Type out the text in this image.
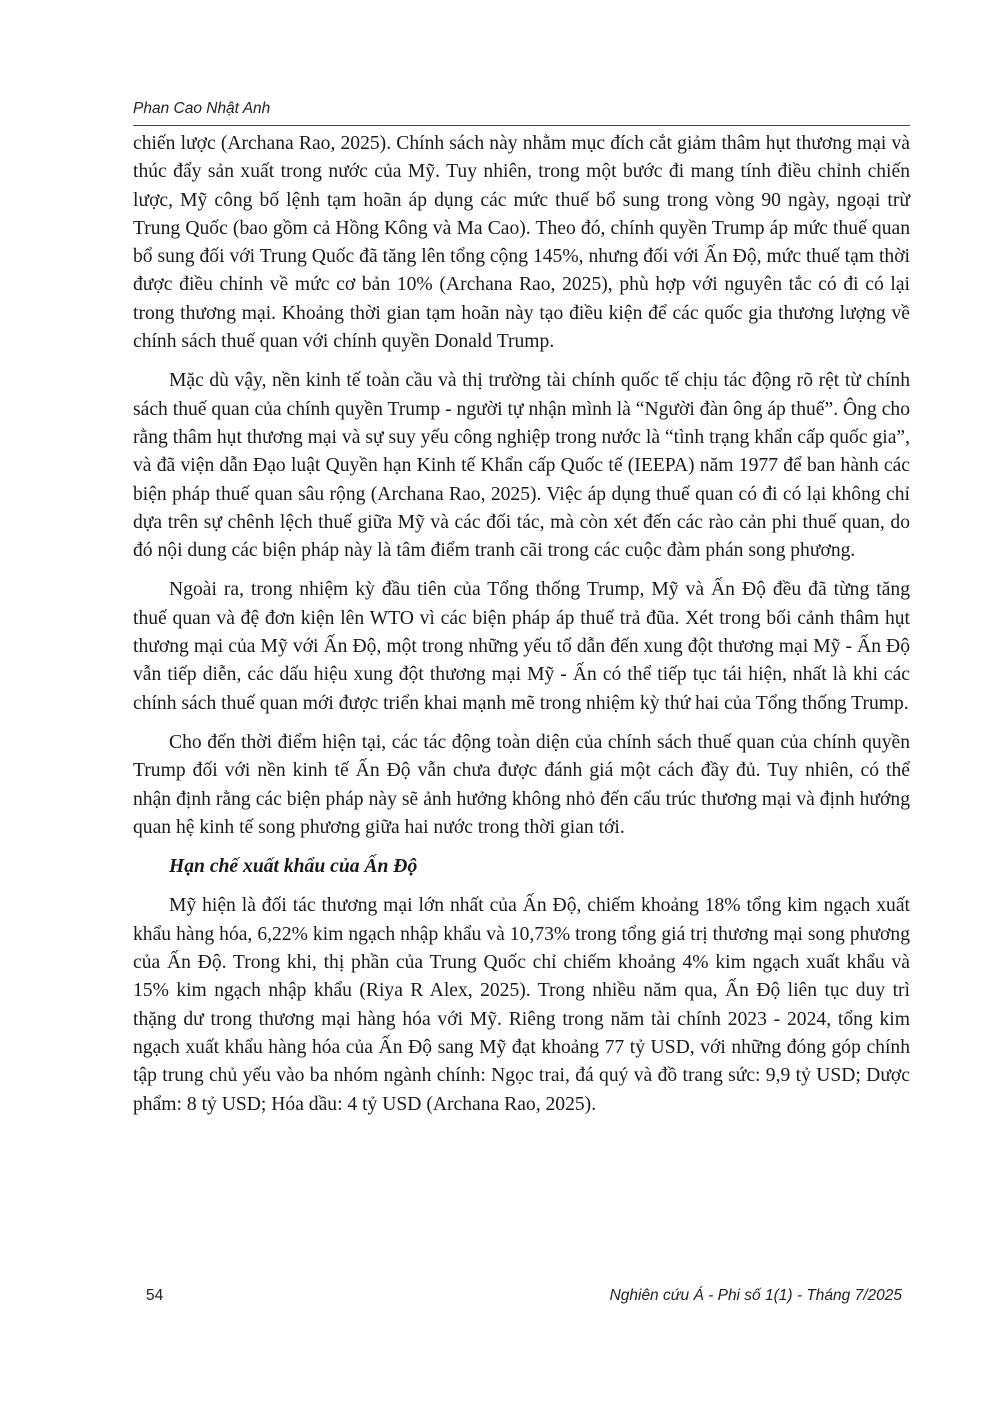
Phan Cao Nhật Anh

chiến lược (Archana Rao, 2025). Chính sách này nhằm mục đích cắt giảm thâm hụt thương mại và thúc đẩy sản xuất trong nước của Mỹ. Tuy nhiên, trong một bước đi mang tính điều chỉnh chiến lược, Mỹ công bố lệnh tạm hoãn áp dụng các mức thuế bổ sung trong vòng 90 ngày, ngoại trừ Trung Quốc (bao gồm cả Hồng Kông và Ma Cao). Theo đó, chính quyền Trump áp mức thuế quan bổ sung đối với Trung Quốc đã tăng lên tổng cộng 145%, nhưng đối với Ấn Độ, mức thuế tạm thời được điều chỉnh về mức cơ bản 10% (Archana Rao, 2025), phù hợp với nguyên tắc có đi có lại trong thương mại. Khoảng thời gian tạm hoãn này tạo điều kiện để các quốc gia thương lượng về chính sách thuế quan với chính quyền Donald Trump.

Mặc dù vậy, nền kinh tế toàn cầu và thị trường tài chính quốc tế chịu tác động rõ rệt từ chính sách thuế quan của chính quyền Trump - người tự nhận mình là “Người đàn ông áp thuế”. Ông cho rằng thâm hụt thương mại và sự suy yếu công nghiệp trong nước là “tình trạng khẩn cấp quốc gia”, và đã viện dẫn Đạo luật Quyền hạn Kinh tế Khẩn cấp Quốc tế (IEEPA) năm 1977 để ban hành các biện pháp thuế quan sâu rộng (Archana Rao, 2025). Việc áp dụng thuế quan có đi có lại không chỉ dựa trên sự chênh lệch thuế giữa Mỹ và các đối tác, mà còn xét đến các rào cản phi thuế quan, do đó nội dung các biện pháp này là tâm điểm tranh cãi trong các cuộc đàm phán song phương.

Ngoài ra, trong nhiệm kỳ đầu tiên của Tổng thống Trump, Mỹ và Ấn Độ đều đã từng tăng thuế quan và đệ đơn kiện lên WTO vì các biện pháp áp thuế trả đũa. Xét trong bối cảnh thâm hụt thương mại của Mỹ với Ấn Độ, một trong những yếu tố dẫn đến xung đột thương mại Mỹ - Ấn Độ vẫn tiếp diễn, các dấu hiệu xung đột thương mại Mỹ - Ấn có thể tiếp tục tái hiện, nhất là khi các chính sách thuế quan mới được triển khai mạnh mẽ trong nhiệm kỳ thứ hai của Tổng thống Trump.

Cho đến thời điểm hiện tại, các tác động toàn diện của chính sách thuế quan của chính quyền Trump đối với nền kinh tế Ấn Độ vẫn chưa được đánh giá một cách đầy đủ. Tuy nhiên, có thể nhận định rằng các biện pháp này sẽ ảnh hưởng không nhỏ đến cấu trúc thương mại và định hướng quan hệ kinh tế song phương giữa hai nước trong thời gian tới.

Hạn chế xuất khẩu của Ấn Độ

Mỹ hiện là đối tác thương mại lớn nhất của Ấn Độ, chiếm khoảng 18% tổng kim ngạch xuất khẩu hàng hóa, 6,22% kim ngạch nhập khẩu và 10,73% trong tổng giá trị thương mại song phương của Ấn Độ. Trong khi, thị phần của Trung Quốc chỉ chiếm khoảng 4% kim ngạch xuất khẩu và 15% kim ngạch nhập khẩu (Riya R Alex, 2025). Trong nhiều năm qua, Ấn Độ liên tục duy trì thặng dư trong thương mại hàng hóa với Mỹ. Riêng trong năm tài chính 2023 - 2024, tổng kim ngạch xuất khẩu hàng hóa của Ấn Độ sang Mỹ đạt khoảng 77 tỷ USD, với những đóng góp chính tập trung chủ yếu vào ba nhóm ngành chính: Ngọc trai, đá quý và đồ trang sức: 9,9 tỷ USD; Dược phẩm: 8 tỷ USD; Hóa dầu: 4 tỷ USD (Archana Rao, 2025).

54	Nghiên cứu Á - Phi số 1(1) - Tháng 7/2025
